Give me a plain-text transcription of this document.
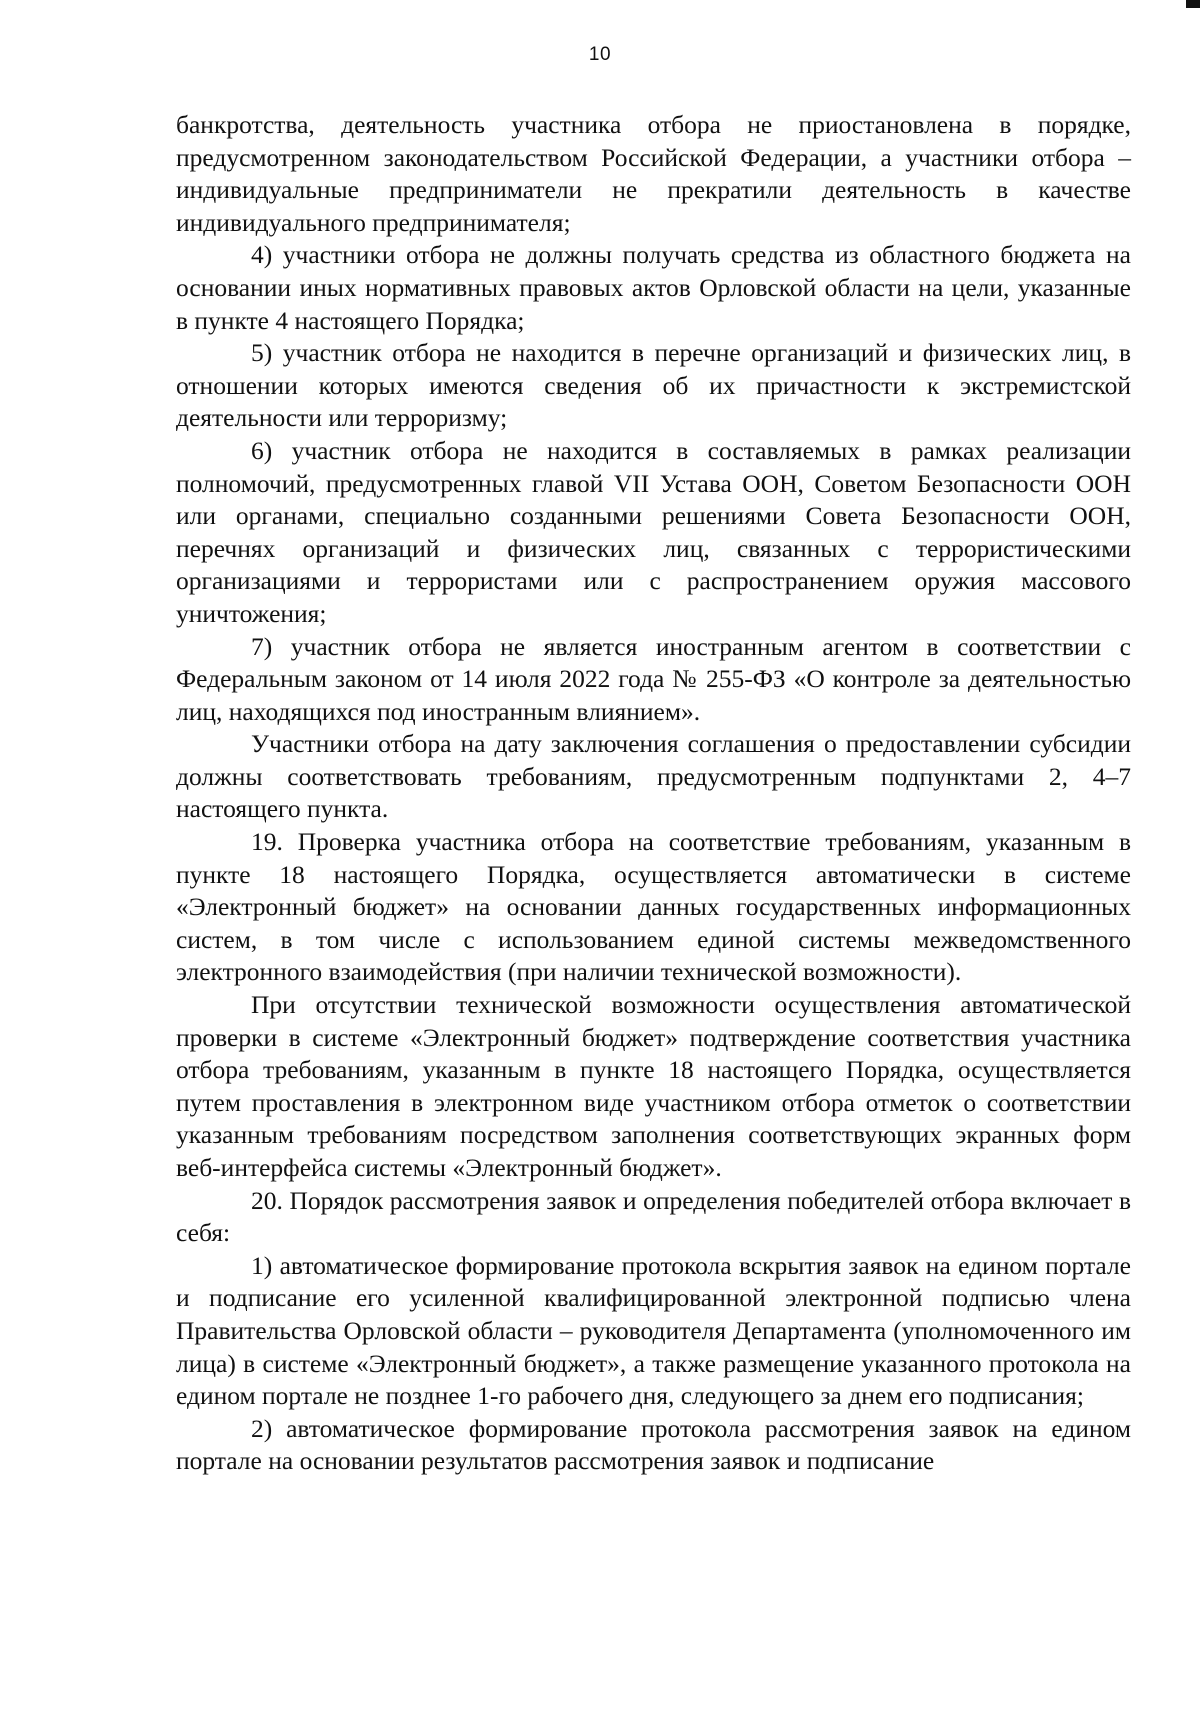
10

банкротства, деятельность участника отбора не приостановлена в порядке, предусмотренном законодательством Российской Федерации, а участники отбора – индивидуальные предприниматели не прекратили деятельность в качестве индивидуального предпринимателя;

4) участники отбора не должны получать средства из областного бюджета на основании иных нормативных правовых актов Орловской области на цели, указанные в пункте 4 настоящего Порядка;

5) участник отбора не находится в перечне организаций и физических лиц, в отношении которых имеются сведения об их причастности к экстремистской деятельности или терроризму;

6) участник отбора не находится в составляемых в рамках реализации полномочий, предусмотренных главой VII Устава ООН, Советом Безопасности ООН или органами, специально созданными решениями Совета Безопасности ООН, перечнях организаций и физических лиц, связанных с террористическими организациями и террористами или с распространением оружия массового уничтожения;

7) участник отбора не является иностранным агентом в соответствии с Федеральным законом от 14 июля 2022 года № 255-ФЗ «О контроле за деятельностью лиц, находящихся под иностранным влиянием».

Участники отбора на дату заключения соглашения о предоставлении субсидии должны соответствовать требованиям, предусмотренным подпунктами 2, 4–7 настоящего пункта.

19. Проверка участника отбора на соответствие требованиям, указанным в пункте 18 настоящего Порядка, осуществляется автоматически в системе «Электронный бюджет» на основании данных государственных информационных систем, в том числе с использованием единой системы межведомственного электронного взаимодействия (при наличии технической возможности).

При отсутствии технической возможности осуществления автоматической проверки в системе «Электронный бюджет» подтверждение соответствия участника отбора требованиям, указанным в пункте 18 настоящего Порядка, осуществляется путем проставления в электронном виде участником отбора отметок о соответствии указанным требованиям посредством заполнения соответствующих экранных форм веб-интерфейса системы «Электронный бюджет».

20. Порядок рассмотрения заявок и определения победителей отбора включает в себя:

1) автоматическое формирование протокола вскрытия заявок на едином портале и подписание его усиленной квалифицированной электронной подписью члена Правительства Орловской области – руководителя Департамента (уполномоченного им лица) в системе «Электронный бюджет», а также размещение указанного протокола на едином портале не позднее 1-го рабочего дня, следующего за днем его подписания;

2) автоматическое формирование протокола рассмотрения заявок на едином портале на основании результатов рассмотрения заявок и подписание
